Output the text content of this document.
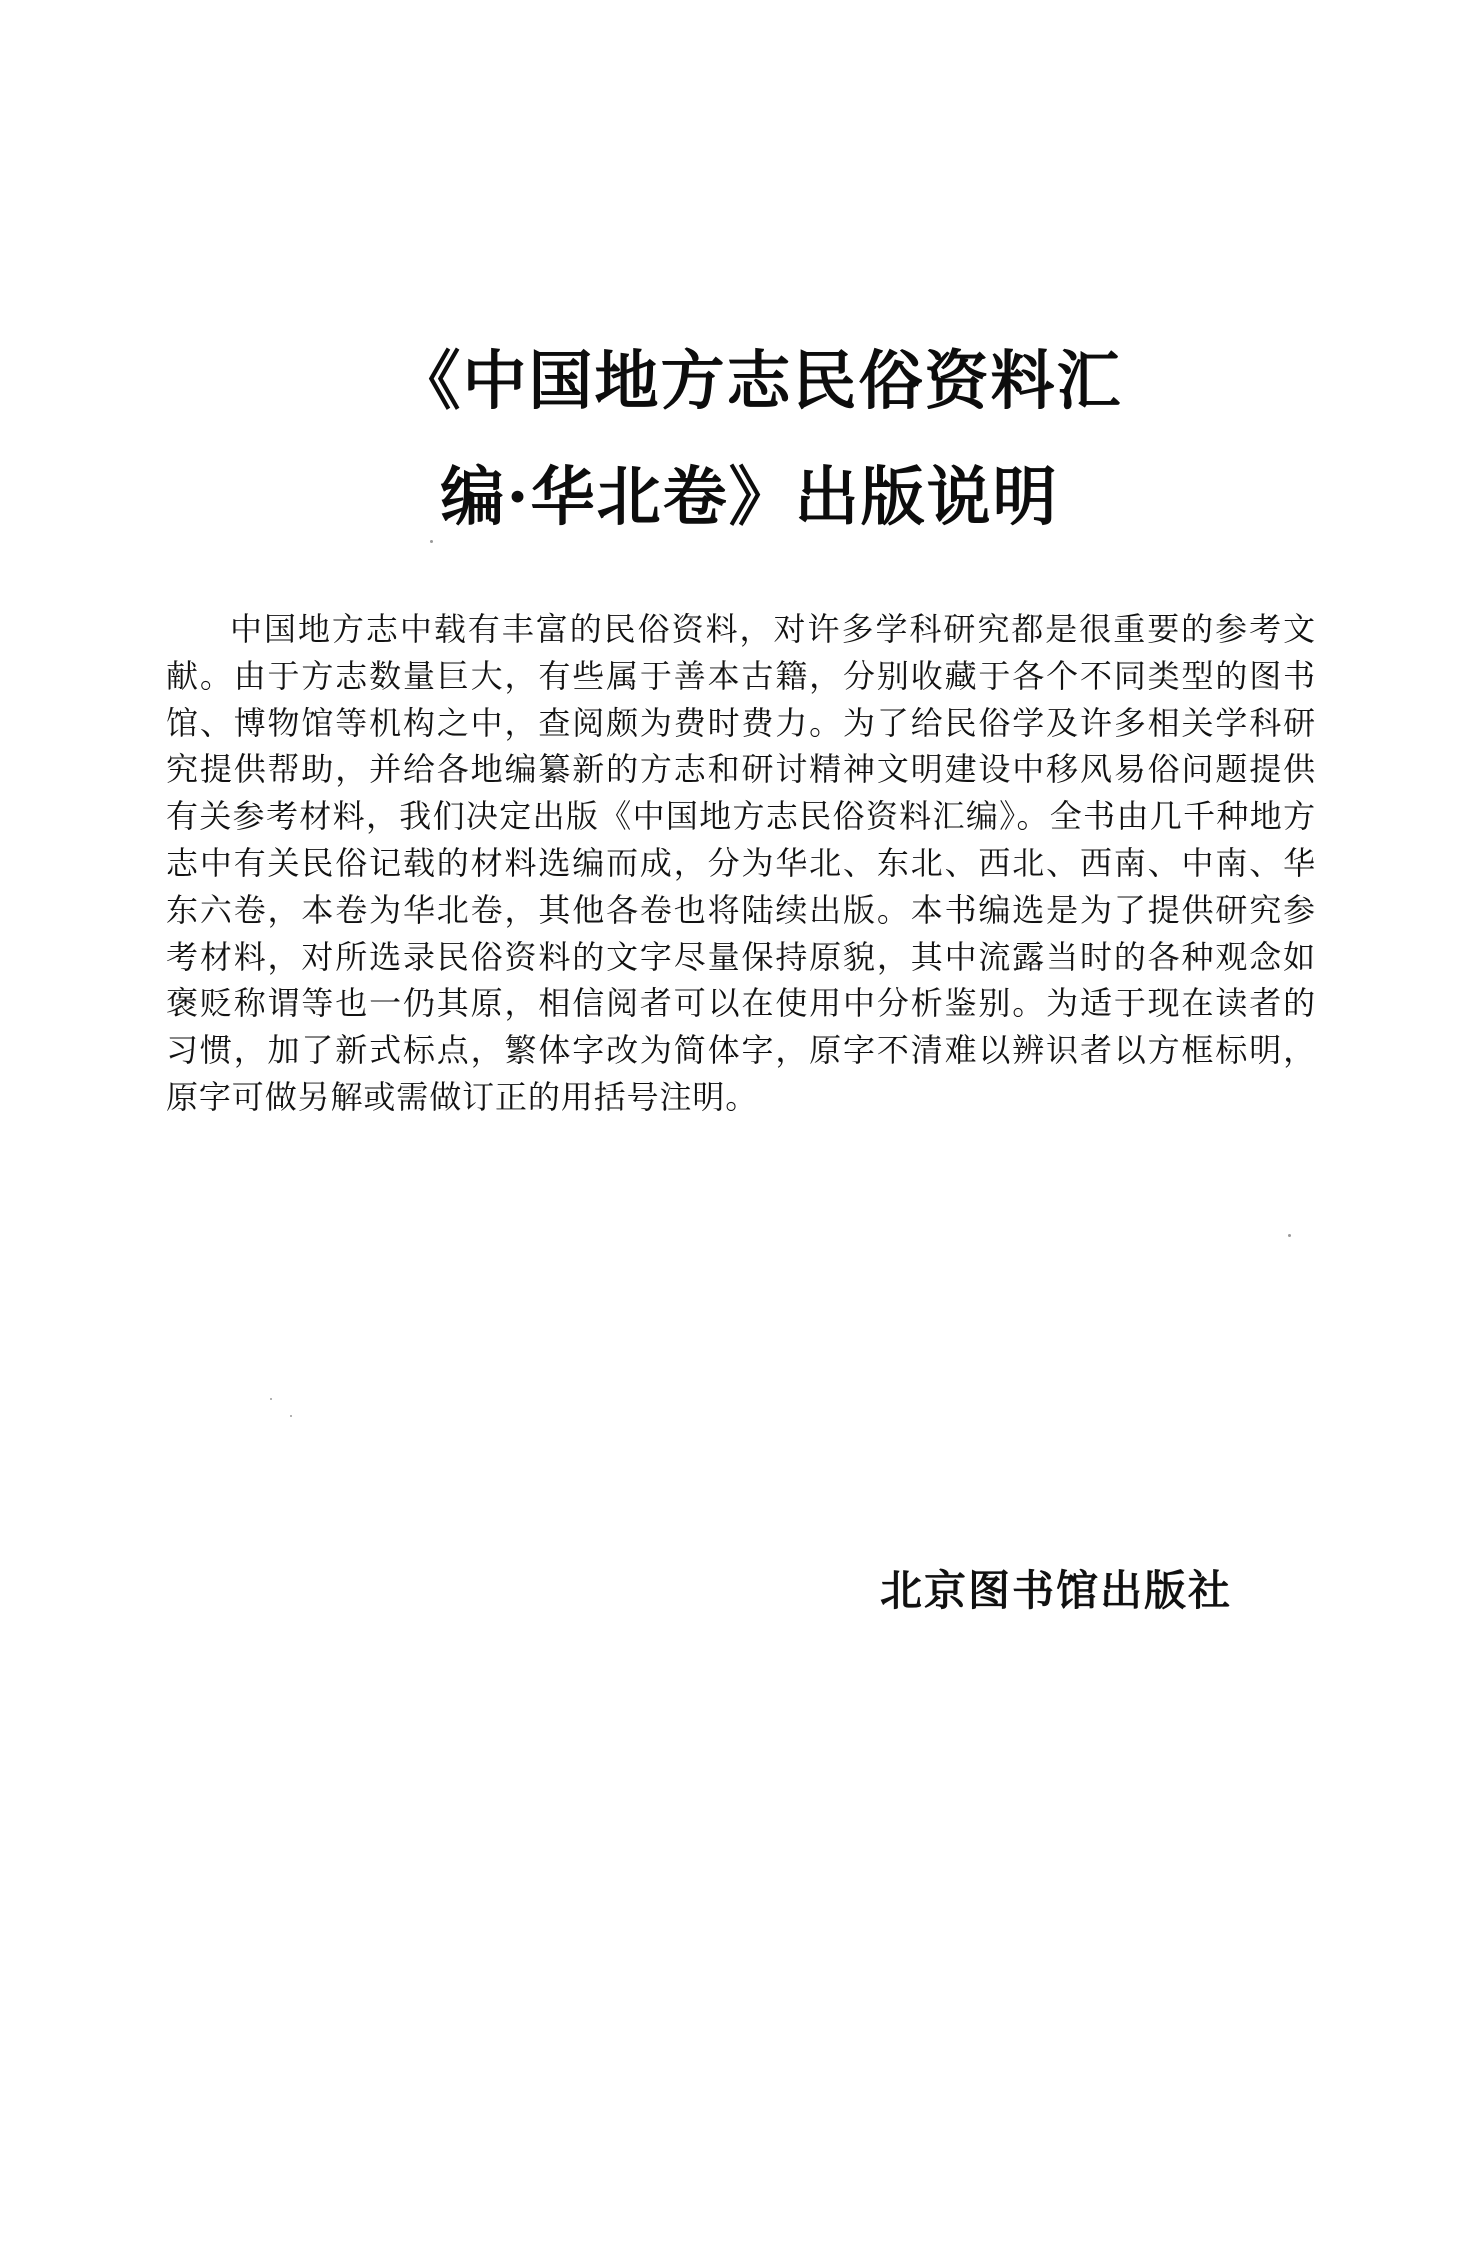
《中国地方志民俗资料汇
编·华北卷》出版说明

中国地方志中载有丰富的民俗资料，对许多学科研究都是很重要的参考文献。由于方志数量巨大，有些属于善本古籍，分别收藏于各个不同类型的图书馆、博物馆等机构之中，查阅颇为费时费力。为了给民俗学及许多相关学科研究提供帮助，并给各地编纂新的方志和研讨精神文明建设中移风易俗问题提供有关参考材料，我们决定出版《中国地方志民俗资料汇编》。全书由几千种地方志中有关民俗记载的材料选编而成，分为华北、东北、西北、西南、中南、华东六卷，本卷为华北卷，其他各卷也将陆续出版。本书编选是为了提供研究参考材料，对所选录民俗资料的文字尽量保持原貌，其中流露当时的各种观念如褒贬称谓等也一仍其原，相信阅者可以在使用中分析鉴别。为适于现在读者的习惯，加了新式标点，繁体字改为简体字，原字不清难以辨识者以方框标明，原字可做另解或需做订正的用括号注明。

北京图书馆出版社
